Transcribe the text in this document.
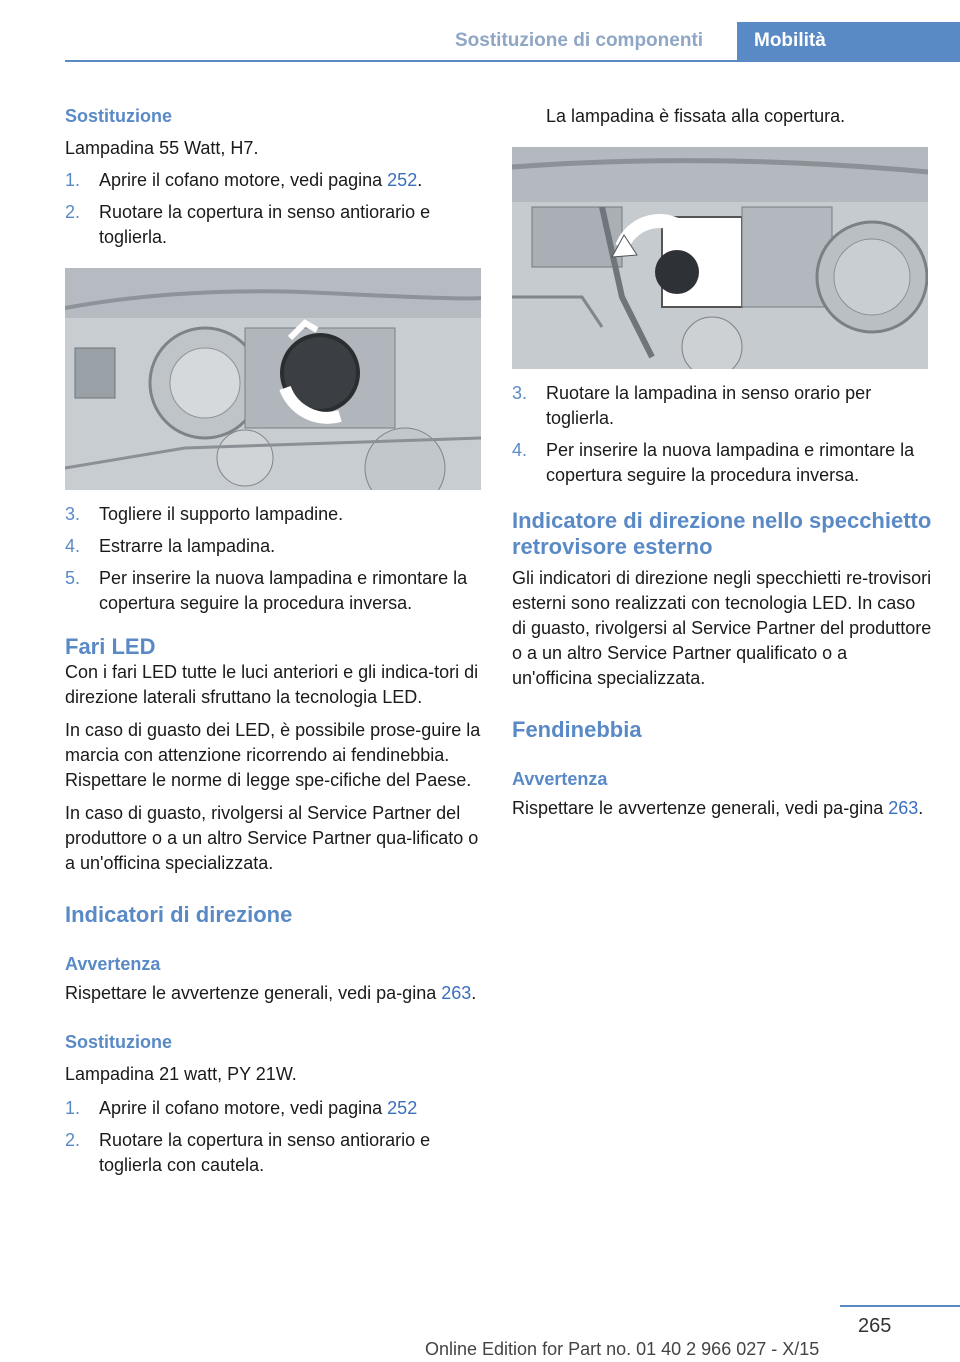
Sostituzione di componenti	Mobilità
Sostituzione

Lampadina 55 Watt, H7.

1.	Aprire il cofano motore, vedi pagina 252.
2.	Ruotare la copertura in senso antiorario e toglierla.
3.	Togliere il supporto lampadine.
4.	Estrarre la lampadina.
5.	Per inserire la nuova lampadina e rimontare la copertura seguire la procedura inversa.
Fari LED

Con i fari LED tutte le luci anteriori e gli indica‐tori di direzione laterali sfruttano la tecnologia LED.

In caso di guasto dei LED, è possibile prose‐guire la marcia con attenzione ricorrendo ai fendinebbia. Rispettare le norme di legge spe‐cifiche del Paese.

In caso di guasto, rivolgersi al Service Partner del produttore o a un altro Service Partner qua‐lificato o a un'officina specializzata.

Indicatori di direzione
Avvertenza

Rispettare le avvertenze generali, vedi pa‐gina 263.

Sostituzione

Lampadina 21 watt, PY 21W.

1.	Aprire il cofano motore, vedi pagina 252
2.	Ruotare la copertura in senso antiorario e toglierla con cautela.

La lampadina è fissata alla copertura.

3.	Ruotare la lampadina in senso orario per toglierla.
4.	Per inserire la nuova lampadina e rimontare la copertura seguire la procedura inversa.
Indicatore di direzione nello specchietto retrovisore esterno

Gli indicatori di direzione negli specchietti re‐trovisori esterni sono realizzati con tecnologia LED. In caso di guasto, rivolgersi al Service Partner del produttore o a un altro Service Partner qualificato o a un'officina specializzata.

Fendinebbia
Avvertenza

Rispettare le avvertenze generali, vedi pa‐gina 263.

265
Online Edition for Part no. 01 40 2 966 027 - X/15
